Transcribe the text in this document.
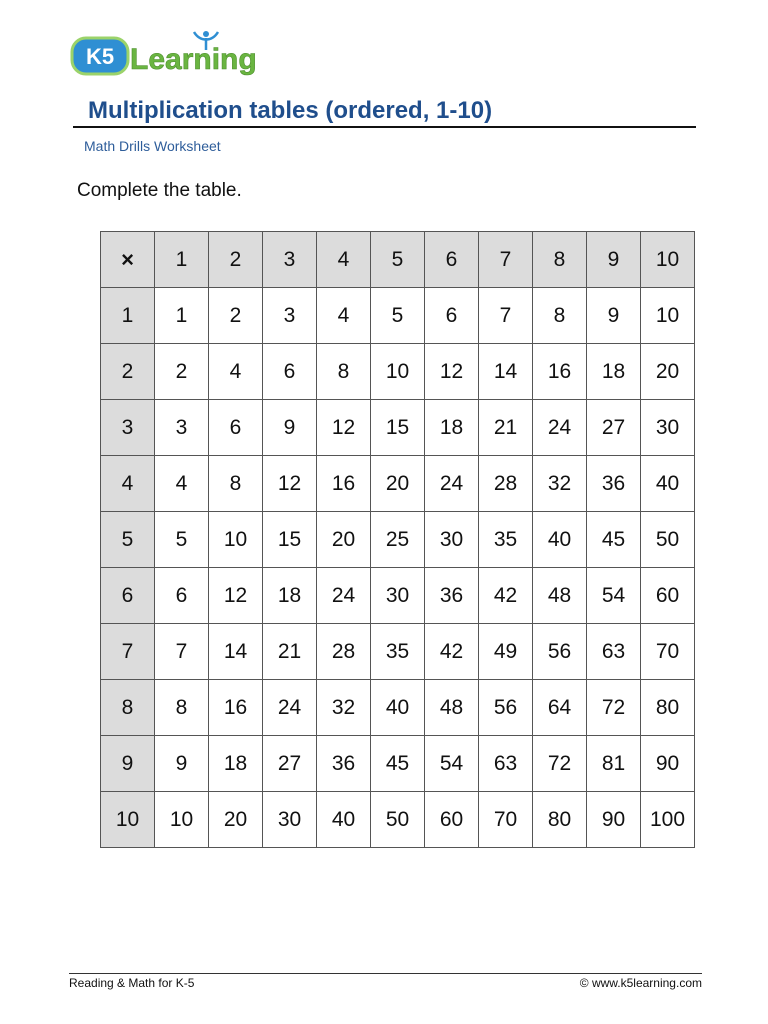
K5 Learning
Multiplication tables (ordered, 1-10)
Math Drills Worksheet
Complete the table.
×	1	2	3	4	5	6	7	8	9	10
1	1	2	3	4	5	6	7	8	9	10
2	2	4	6	8	10	12	14	16	18	20
3	3	6	9	12	15	18	21	24	27	30
4	4	8	12	16	20	24	28	32	36	40
5	5	10	15	20	25	30	35	40	45	50
6	6	12	18	24	30	36	42	48	54	60
7	7	14	21	28	35	42	49	56	63	70
8	8	16	24	32	40	48	56	64	72	80
9	9	18	27	36	45	54	63	72	81	90
10	10	20	30	40	50	60	70	80	90	100
Reading & Math for K-5	© www.k5learning.com
